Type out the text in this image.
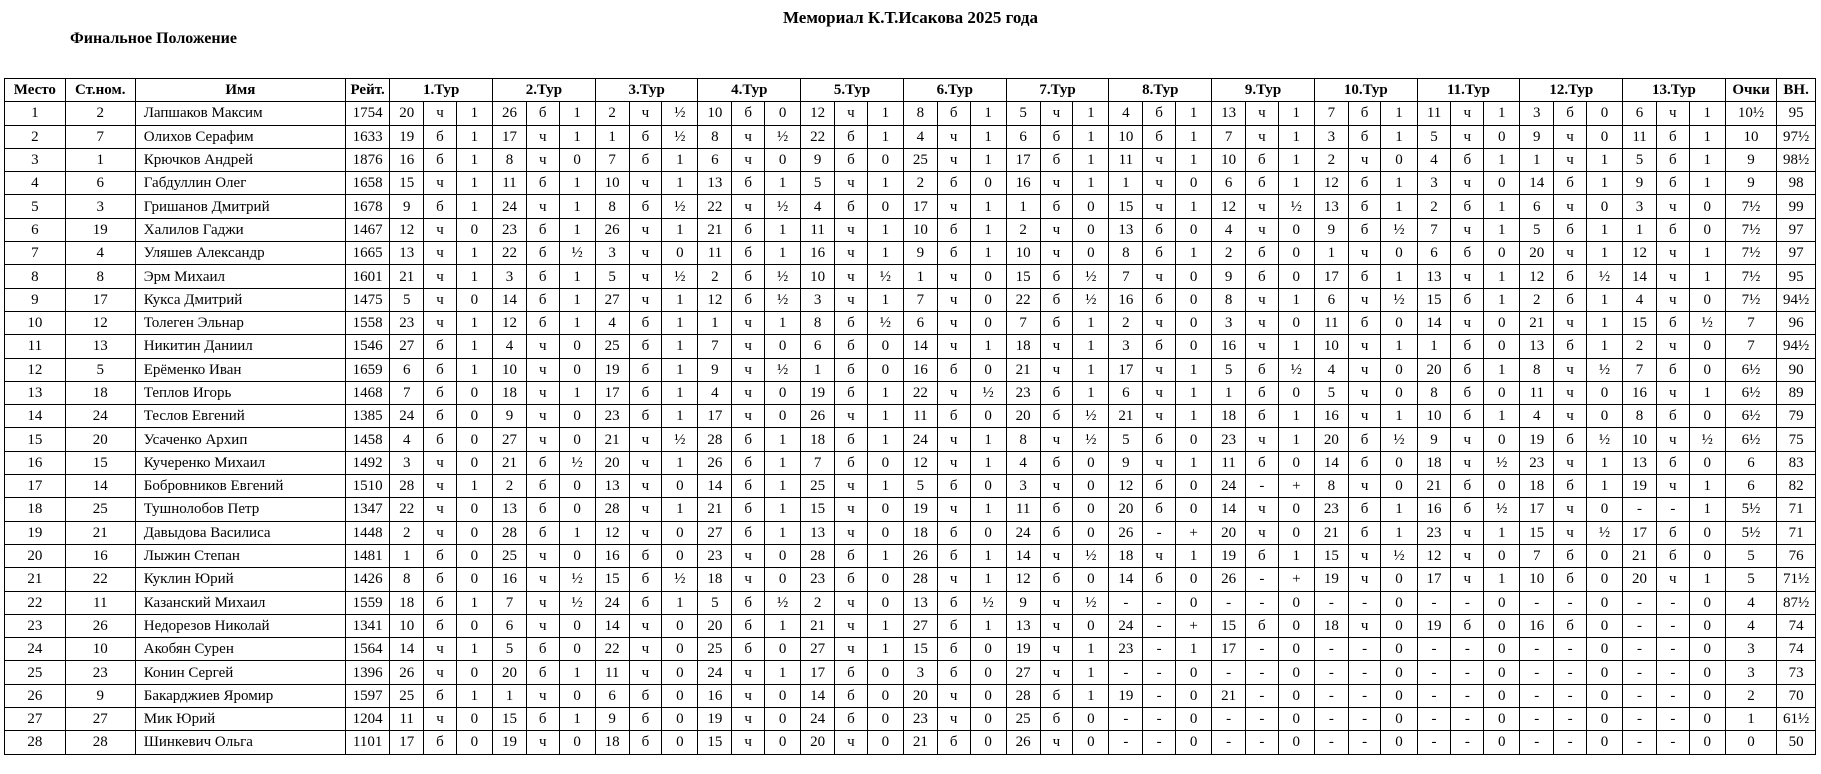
Мемориал К.Т.Исакова 2025 года
Финальное Положение
Место	Ст.ном.	Имя	Рейт.	1.Тур			2.Тур			3.Тур			4.Тур			5.Тур			6.Тур			7.Тур			8.Тур			9.Тур			10.Тур			11.Тур			12.Тур			13.Тур			Очки	ВН.
1	2	Лапшаков Максим	1754	20	ч	1	26	б	1	2	ч	½	10	б	0	12	ч	1	8	б	1	5	ч	1	4	б	1	13	ч	1	7	б	1	11	ч	1	3	б	0	6	ч	1	10½	95
2	7	Олихов Серафим	1633	19	б	1	17	ч	1	1	б	½	8	ч	½	22	б	1	4	ч	1	6	б	1	10	б	1	7	ч	1	3	б	1	5	ч	0	9	ч	0	11	б	1	10	97½
3	1	Крючков Андрей	1876	16	б	1	8	ч	0	7	б	1	6	ч	0	9	б	0	25	ч	1	17	б	1	11	ч	1	10	б	1	2	ч	0	4	б	1	1	ч	1	5	б	1	9	98½
4	6	Габдуллин Олег	1658	15	ч	1	11	б	1	10	ч	1	13	б	1	5	ч	1	2	б	0	16	ч	1	1	ч	0	6	б	1	12	б	1	3	ч	0	14	б	1	9	б	1	9	98
5	3	Гришанов Дмитрий	1678	9	б	1	24	ч	1	8	б	½	22	ч	½	4	б	0	17	ч	1	1	б	0	15	ч	1	12	ч	½	13	б	1	2	б	1	6	ч	0	3	ч	0	7½	99
6	19	Халилов Гаджи	1467	12	ч	0	23	б	1	26	ч	1	21	б	1	11	ч	1	10	б	1	2	ч	0	13	б	0	4	ч	0	9	б	½	7	ч	1	5	б	1	1	б	0	7½	97
7	4	Уляшев Александр	1665	13	ч	1	22	б	½	3	ч	0	11	б	1	16	ч	1	9	б	1	10	ч	0	8	б	1	2	б	0	1	ч	0	6	б	0	20	ч	1	12	ч	1	7½	97
8	8	Эрм Михаил	1601	21	ч	1	3	б	1	5	ч	½	2	б	½	10	ч	½	1	ч	0	15	б	½	7	ч	0	9	б	0	17	б	1	13	ч	1	12	б	½	14	ч	1	7½	95
9	17	Кукса Дмитрий	1475	5	ч	0	14	б	1	27	ч	1	12	б	½	3	ч	1	7	ч	0	22	б	½	16	б	0	8	ч	1	6	ч	½	15	б	1	2	б	1	4	ч	0	7½	94½
10	12	Толеген Эльнар	1558	23	ч	1	12	б	1	4	б	1	1	ч	1	8	б	½	6	ч	0	7	б	1	2	ч	0	3	ч	0	11	б	0	14	ч	0	21	ч	1	15	б	½	7	96
11	13	Никитин Даниил	1546	27	б	1	4	ч	0	25	б	1	7	ч	0	6	б	0	14	ч	1	18	ч	1	3	б	0	16	ч	1	10	ч	1	1	б	0	13	б	1	2	ч	0	7	94½
12	5	Ерёменко Иван	1659	6	б	1	10	ч	0	19	б	1	9	ч	½	1	б	0	16	б	0	21	ч	1	17	ч	1	5	б	½	4	ч	0	20	б	1	8	ч	½	7	б	0	6½	90
13	18	Теплов Игорь	1468	7	б	0	18	ч	1	17	б	1	4	ч	0	19	б	1	22	ч	½	23	б	1	6	ч	1	1	б	0	5	ч	0	8	б	0	11	ч	0	16	ч	1	6½	89
14	24	Теслов Евгений	1385	24	б	0	9	ч	0	23	б	1	17	ч	0	26	ч	1	11	б	0	20	б	½	21	ч	1	18	б	1	16	ч	1	10	б	1	4	ч	0	8	б	0	6½	79
15	20	Усаченко Архип	1458	4	б	0	27	ч	0	21	ч	½	28	б	1	18	б	1	24	ч	1	8	ч	½	5	б	0	23	ч	1	20	б	½	9	ч	0	19	б	½	10	ч	½	6½	75
16	15	Кучеренко Михаил	1492	3	ч	0	21	б	½	20	ч	1	26	б	1	7	б	0	12	ч	1	4	б	0	9	ч	1	11	б	0	14	б	0	18	ч	½	23	ч	1	13	б	0	6	83
17	14	Бобровников Евгений	1510	28	ч	1	2	б	0	13	ч	0	14	б	1	25	ч	1	5	б	0	3	ч	0	12	б	0	24	-	+	8	ч	0	21	б	0	18	б	1	19	ч	1	6	82
18	25	Тушнолобов Петр	1347	22	ч	0	13	б	0	28	ч	1	21	б	1	15	ч	0	19	ч	1	11	б	0	20	б	0	14	ч	0	23	б	1	16	б	½	17	ч	0	-	-	1	5½	71
19	21	Давыдова Василиса	1448	2	ч	0	28	б	1	12	ч	0	27	б	1	13	ч	0	18	б	0	24	б	0	26	-	+	20	ч	0	21	б	1	23	ч	1	15	ч	½	17	б	0	5½	71
20	16	Лыжин Степан	1481	1	б	0	25	ч	0	16	б	0	23	ч	0	28	б	1	26	б	1	14	ч	½	18	ч	1	19	б	1	15	ч	½	12	ч	0	7	б	0	21	б	0	5	76
21	22	Куклин Юрий	1426	8	б	0	16	ч	½	15	б	½	18	ч	0	23	б	0	28	ч	1	12	б	0	14	б	0	26	-	+	19	ч	0	17	ч	1	10	б	0	20	ч	1	5	71½
22	11	Казанский Михаил	1559	18	б	1	7	ч	½	24	б	1	5	б	½	2	ч	0	13	б	½	9	ч	½	-	-	0	-	-	0	-	-	0	-	-	0	-	-	0	-	-	0	4	87½
23	26	Недорезов Николай	1341	10	б	0	6	ч	0	14	ч	0	20	б	1	21	ч	1	27	б	1	13	ч	0	24	-	+	15	б	0	18	ч	0	19	б	0	16	б	0	-	-	0	4	74
24	10	Акобян Сурен	1564	14	ч	1	5	б	0	22	ч	0	25	б	0	27	ч	1	15	б	0	19	ч	1	23	-	1	17	-	0	-	-	0	-	-	0	-	-	0	-	-	0	3	74
25	23	Конин Сергей	1396	26	ч	0	20	б	1	11	ч	0	24	ч	1	17	б	0	3	б	0	27	ч	1	-	-	0	-	-	0	-	-	0	-	-	0	-	-	0	-	-	0	3	73
26	9	Бакарджиев Яромир	1597	25	б	1	1	ч	0	6	б	0	16	ч	0	14	б	0	20	ч	0	28	б	1	19	-	0	21	-	0	-	-	0	-	-	0	-	-	0	-	-	0	2	70
27	27	Мик Юрий	1204	11	ч	0	15	б	1	9	б	0	19	ч	0	24	б	0	23	ч	0	25	б	0	-	-	0	-	-	0	-	-	0	-	-	0	-	-	0	-	-	0	1	61½
28	28	Шинкевич Ольга	1101	17	б	0	19	ч	0	18	б	0	15	ч	0	20	ч	0	21	б	0	26	ч	0	-	-	0	-	-	0	-	-	0	-	-	0	-	-	0	-	-	0	0	50
